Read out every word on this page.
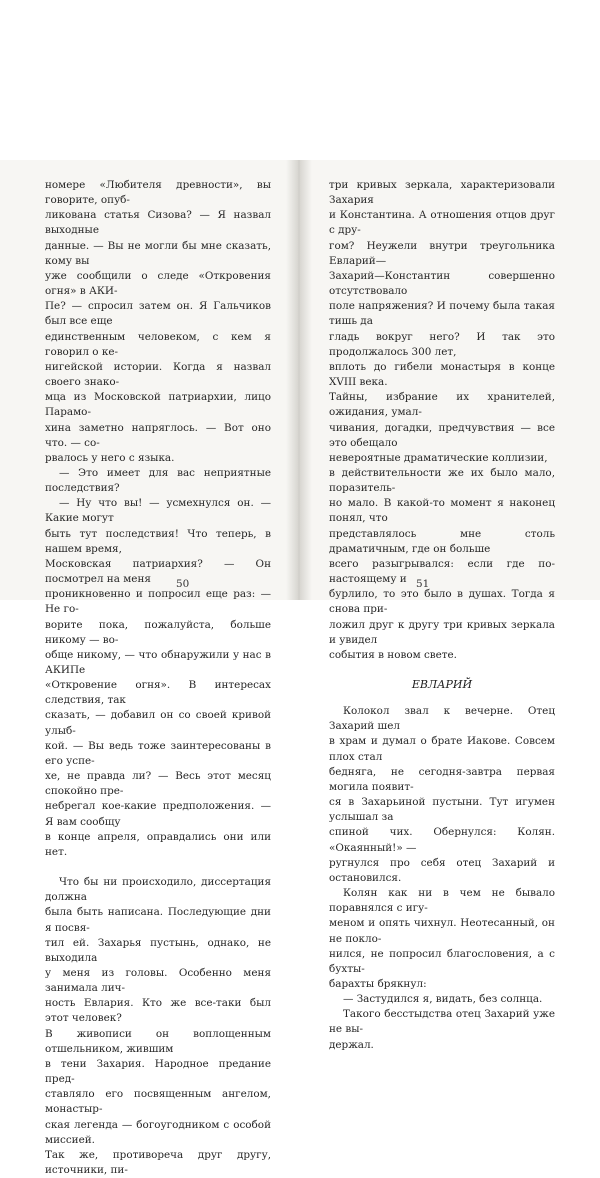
номере «Любителя древности», вы говорите, опуб-

ликована статья Сизова? — Я назвал выходные

данные. — Вы не могли бы мне сказать, кому вы

уже сообщили о следе «Откровения огня» в АКИ-

Пе? — спросил затем он. Я Гальчиков был все еще

единственным человеком, с кем я говорил о ке-

нигейской истории. Когда я назвал своего знако-

мца из Московской патриархии, лицо Парамо-

хина заметно напряглось. — Вот оно что. — со-

рвалось у него с языка.

— Это имеет для вас неприятные последствия?

— Ну что вы! — усмехнулся он. — Какие могут

быть тут последствия! Что теперь, в нашем время,

Московская патриархия? — Он посмотрел на меня

проникновенно и попросил еще раз: — Не го-

ворите пока, пожалуйста, больше никому — во-

обще никому, — что обнаружили у нас в АКИПе

«Откровение огня». В интересах следствия, так

сказать, — добавил он со своей кривой улыб-

кой. — Вы ведь тоже заинтересованы в его успе-

хе, не правда ли? — Весь этот месяц спокойно пре-

небрегал кое-какие предположения. — Я вам сообщу

в конце апреля, оправдались они или нет.

Что бы ни происходило, диссертация должна

была быть написана. Последующие дни я посвя-

тил ей. Захарья пустынь, однако, не выходила

у меня из головы. Особенно меня занимала лич-

ность Евлария. Кто же все-таки был этот человек?

В живописи он воплощенным отшельником, жившим

в тени Захария. Народное предание пред-

ставляло его посвященным ангелом, монастыр-

ская легенда — богоугодником с особой миссией.

Так же, противореча друг другу, источники, пи-

50

три кривых зеркала, характеризовали Захария

и Константина. А отношения отцов друг с дру-

гом? Неужели внутри треугольника Евларий—

Захарий—Константин совершенно отсутствовало

поле напряжения? И почему была такая тишь да

гладь вокруг него? И так это продолжалось 300 лет,

вплоть до гибели монастыря в конце XVIII века.

Тайны, избрание их хранителей, ожидания, умал-

чивания, догадки, предчувствия — все это обещало

невероятные драматические коллизии,

в действительности же их было мало, поразитель-

но мало. В какой-то момент я наконец понял, что

представлялось мне столь драматичным, где он больше

всего разыгрывался: если где по-настоящему и

бурлило, то это было в душах. Тогда я снова при-

ложил друг к другу три кривых зеркала и увидел

события в новом свете.

ЕВЛАРИЙ

Колокол звал к вечерне. Отец Захарий шел

в храм и думал о брате Иакове. Совсем плох стал

бедняга, не сегодня-завтра первая могила появит-

ся в Захарьиной пустыни. Тут игумен услышал за

спиной чих. Обернулся: Колян. «Окаянный!» —

ругнулся про себя отец Захарий и остановился.

Колян как ни в чем не бывало поравнялся с игу-

меном и опять чихнул. Неотесанный, он не покло-

нился, не попросил благословения, а с бухты-

барахты брякнул:

— Застудился я, видать, без солнца.

Такого бесстыдства отец Захарий уже не вы-

держал.

51
